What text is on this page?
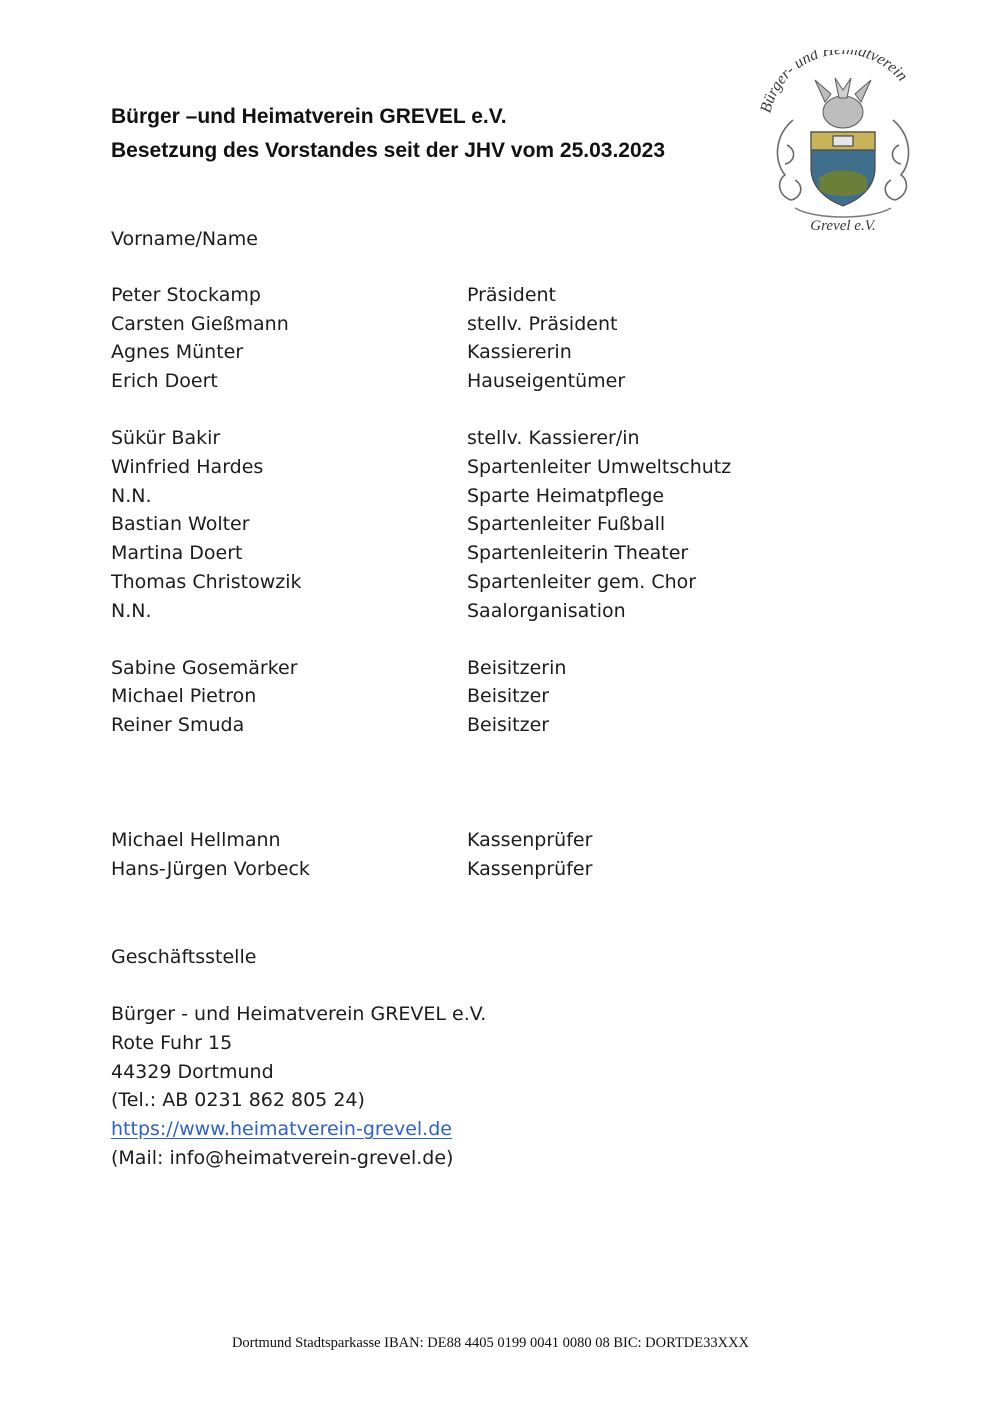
Bürger –und Heimatverein GREVEL e.V.
Besetzung des Vorstandes seit der JHV vom 25.03.2023
Bürger- und H matverein
Grevel e.V.
Vorname/Name
Peter Stockamp	Präsident
Carsten Gießmann	stellv. Präsident
Agnes Münter	Kassiererin
Erich Doert	Hauseigentümer
Sükür Bakir	stellv. Kassierer/in
Winfried Hardes	Spartenleiter Umweltschutz
N.N.	Sparte Heimatpflege
Bastian Wolter	Spartenleiter Fußball
Martina Doert	Spartenleiterin Theater
Thomas Christowzik	Spartenleiter gem. Chor
N.N.	Saalorganisation
Sabine Gosemärker	Beisitzerin
Michael Pietron	Beisitzer
Reiner Smuda	Beisitzer
Michael Hellmann	Kassenprüfer
Hans-Jürgen Vorbeck	Kassenprüfer
Geschäftsstelle
Bürger - und Heimatverein GREVEL e.V.
Rote Fuhr 15
44329 Dortmund
(Tel.: AB 0231 862 805 24)
https://www.heimatverein-grevel.de
(Mail: info@heimatverein-grevel.de)
Dortmund Stadtsparkasse IBAN: DE88 4405 0199 0041 0080 08 BIC: DORTDE33XXX
